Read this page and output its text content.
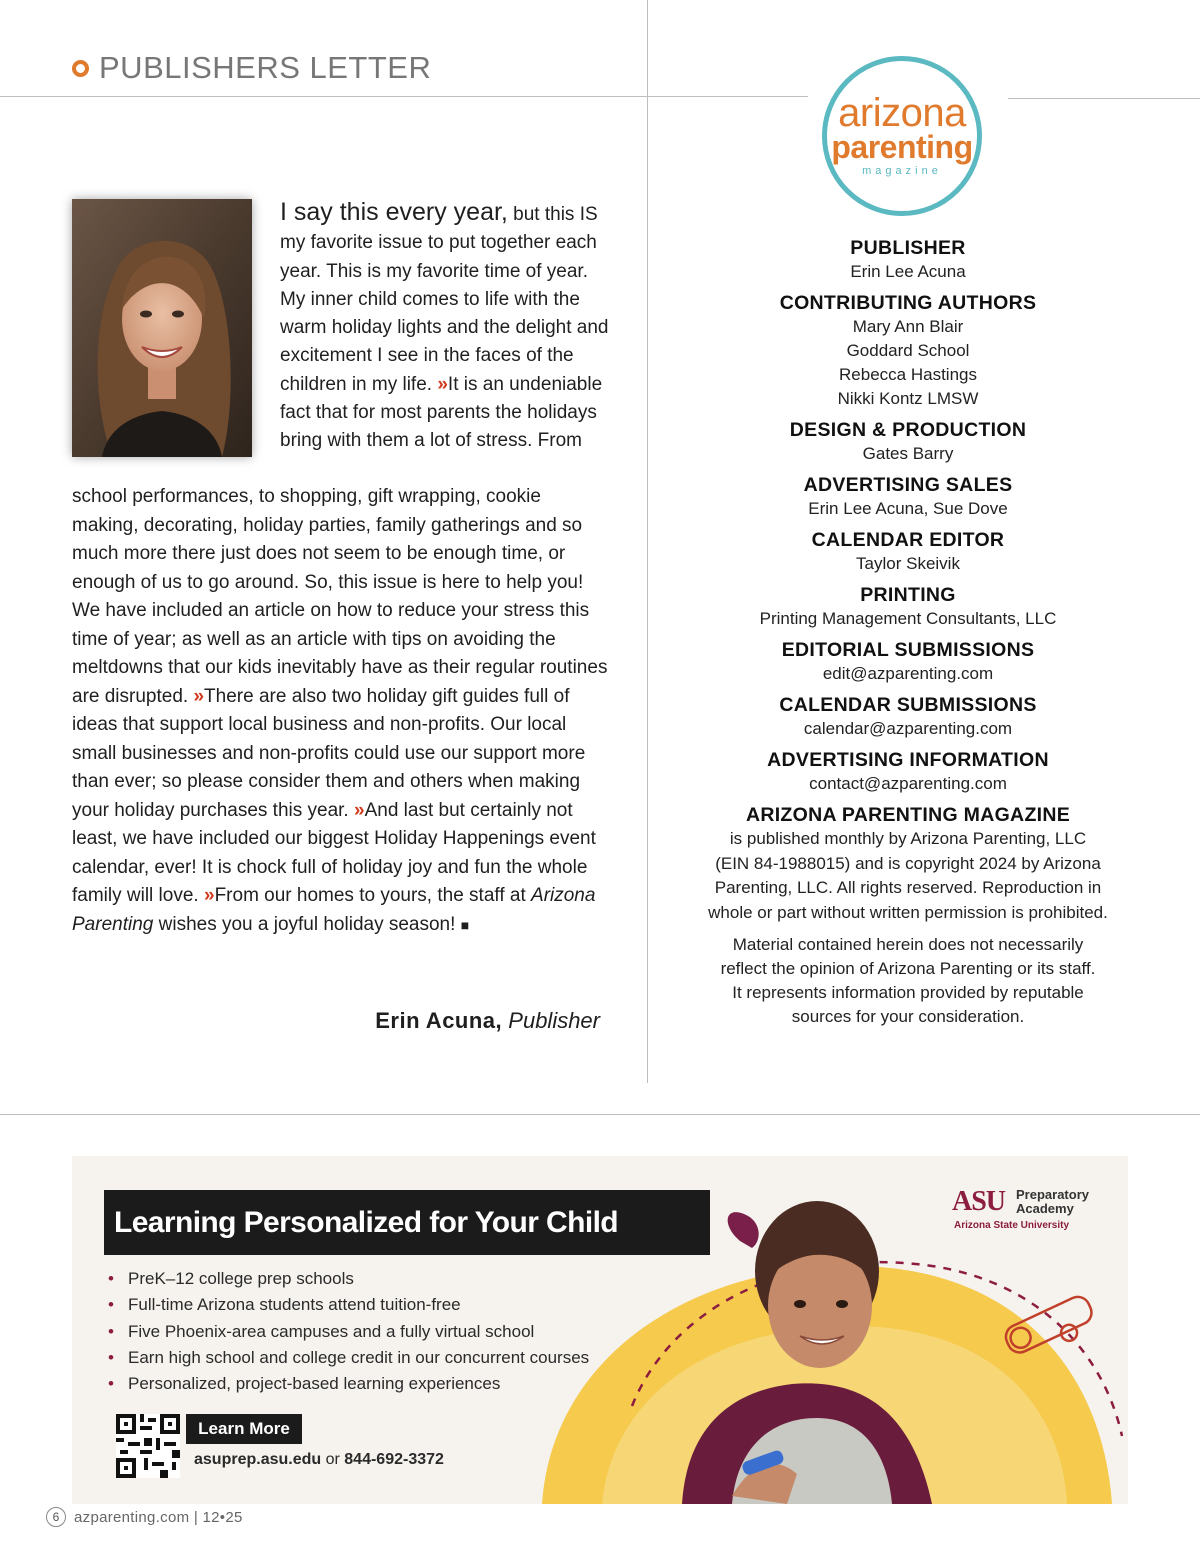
PUBLISHERS LETTER
arizona
parenting
magazine

I say this every year, but this IS my favorite issue to put together each year. This is my favorite time of year. My inner child comes to life with the warm holiday lights and the delight and excitement I see in the faces of the children in my life. »It is an undeniable fact that for most parents the holidays bring with them a lot of stress. From

school performances, to shopping, gift wrapping, cookie making, decorating, holiday parties, family gatherings and so much more there just does not seem to be enough time, or enough of us to go around. So, this issue is here to help you! We have included an article on how to reduce your stress this time of year; as well as an article with tips on avoiding the meltdowns that our kids inevitably have as their regular routines are disrupted. »There are also two holiday gift guides full of ideas that support local business and non-profits. Our local small businesses and non-profits could use our support more than ever; so please consider them and others when making your holiday purchases this year. »And last but certainly not least, we have included our biggest Holiday Happenings event calendar, ever! It is chock full of holiday joy and fun the whole family will love. »From our homes to yours, the staff at Arizona Parenting wishes you a joyful holiday season! ■

Erin Acuna, Publisher
PUBLISHER
Erin Lee Acuna
CONTRIBUTING AUTHORS
Mary Ann Blair
Goddard School
Rebecca Hastings
Nikki Kontz LMSW
DESIGN & PRODUCTION
Gates Barry
ADVERTISING SALES
Erin Lee Acuna, Sue Dove
CALENDAR EDITOR
Taylor Skeivik
PRINTING
Printing Management Consultants, LLC
EDITORIAL SUBMISSIONS
edit@azparenting.com
CALENDAR SUBMISSIONS
calendar@azparenting.com
ADVERTISING INFORMATION
contact@azparenting.com
ARIZONA PARENTING MAGAZINE
is published monthly by Arizona Parenting, LLC
(EIN 84-1988015) and is copyright 2024 by Arizona
Parenting, LLC. All rights reserved. Reproduction in
whole or part without written permission is prohibited.
Material contained herein does not necessarily
reflect the opinion of Arizona Parenting or its staff.
It represents information provided by reputable
sources for your consideration.
Learning Personalized for Your Child
• PreK–12 college prep schools
• Full-time Arizona students attend tuition-free
• Five Phoenix-area campuses and a fully virtual school
• Earn high school and college credit in our concurrent courses
• Personalized, project-based learning experiences
Learn More
asuprep.asu.edu or 844-692-3372
ASU Preparatory
Academy
Arizona State University
6 azparenting.com | 12•25
